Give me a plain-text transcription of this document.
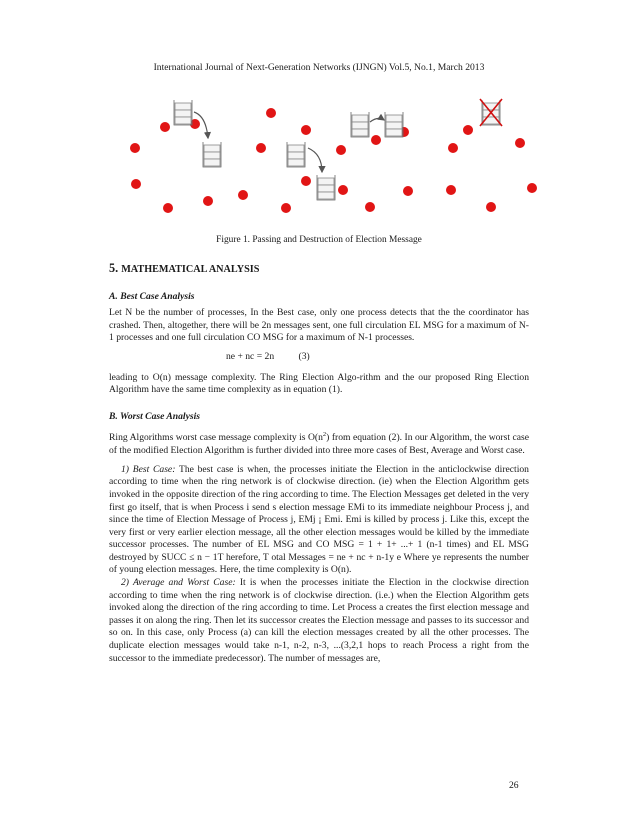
International Journal of Next-Generation Networks (IJNGN) Vol.5, No.1, March 2013
Figure 1. Passing and Destruction of Election Message
5. MATHEMATICAL ANALYSIS
A. Best Case Analysis

Let N be the number of processes, In the Best case, only one process detects that the the coordinator has crashed. Then, altogether, there will be 2n messages sent, one full circulation EL MSG for a maximum of N-1 processes and one full circulation CO MSG for a maximum of N-1 processes.

ne + nc = 2n	(3)

leading to O(n) message complexity. The Ring Election Algo-rithm and the our proposed Ring Election Algorithm have the same time complexity as in equation (1).

B. Worst Case Analysis

Ring Algorithms worst case message complexity is $O(n^2)$ from equation (2). In our Algorithm, the worst case of the modified Election Algorithm is further divided into three more cases of Best, Average and Worst case.

1) Best Case: The best case is when, the processes initiate the Election in the anticlockwise direction according to time when the ring network is of clockwise direction. (ie) when the Election Algorithm gets invoked in the opposite direction of the ring according to time. The Election Messages get deleted in the very first go itself, that is when Process i send s election message EMi to its immediate neighbour Process j, and since the time of Election Message of Process j, EMj ¡ Emi. Emi is killed by process j. Like this, except the very first or very earlier election message, all the other election messages would be killed by the immediate successor processes. The number of EL MSG and CO MSG = 1 + 1+ ...+ 1 (n-1 times) and EL MSG destroyed by SUCC ≤ n − 1T herefore, T otal Messages = ne + nc + n-1y e Where ye represents the number of young election messages. Here, the time complexity is O(n).

2) Average and Worst Case: It is when the processes initiate the Election in the clockwise direction according to time when the ring network is of clockwise direction. (i.e.) when the Election Algorithm gets invoked along the direction of the ring according to time. Let Process a creates the first election message and passes it on along the ring. Then let its successor creates the Election message and passes to its successor and so on. In this case, only Process (a) can kill the election messages created by all the other processes. The duplicate election messages would take n-1, n-2, n-3, ...(3,2,1 hops to reach Process a right from the successor to the immediate predecessor). The number of messages are,

26
